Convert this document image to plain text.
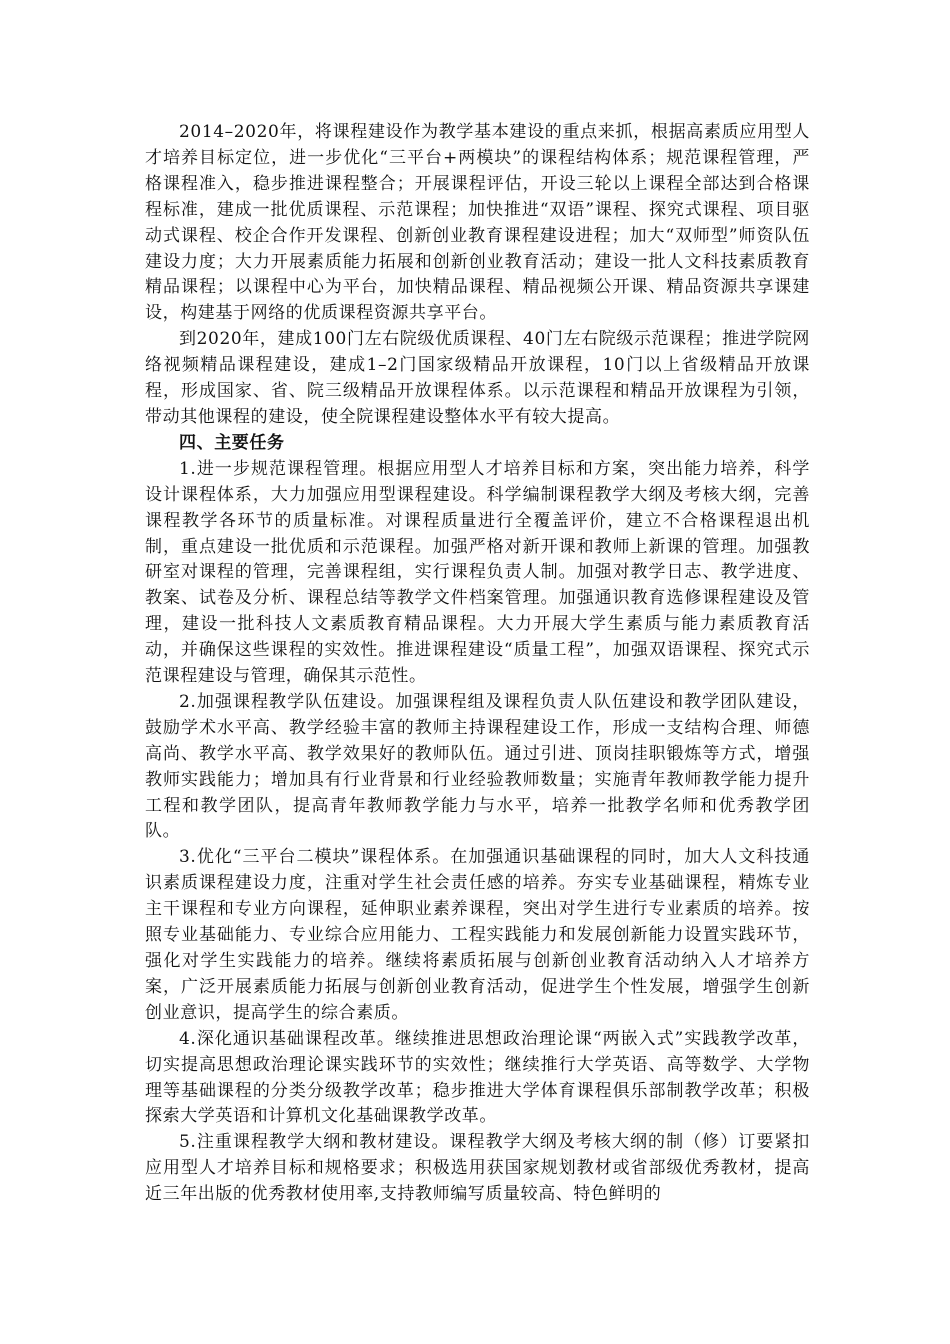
2014–2020年，将课程建设作为教学基本建设的重点来抓，根据高素质应用型人才培养目标定位，进一步优化“三平台+两模块”的课程结构体系；规范课程管理，严格课程准入，稳步推进课程整合；开展课程评估，开设三轮以上课程全部达到合格课程标准，建成一批优质课程、示范课程；加快推进“双语”课程、探究式课程、项目驱动式课程、校企合作开发课程、创新创业教育课程建设进程；加大“双师型”师资队伍建设力度；大力开展素质能力拓展和创新创业教育活动；建设一批人文科技素质教育精品课程；以课程中心为平台，加快精品课程、精品视频公开课、精品资源共享课建设，构建基于网络的优质课程资源共享平台。

到2020年，建成100门左右院级优质课程、40门左右院级示范课程；推进学院网络视频精品课程建设，建成1–2门国家级精品开放课程，10门以上省级精品开放课程，形成国家、省、院三级精品开放课程体系。以示范课程和精品开放课程为引领，带动其他课程的建设，使全院课程建设整体水平有较大提高。

四、主要任务

1.进一步规范课程管理。根据应用型人才培养目标和方案，突出能力培养，科学设计课程体系，大力加强应用型课程建设。科学编制课程教学大纲及考核大纲，完善课程教学各环节的质量标准。对课程质量进行全覆盖评价，建立不合格课程退出机制，重点建设一批优质和示范课程。加强严格对新开课和教师上新课的管理。加强教研室对课程的管理，完善课程组，实行课程负责人制。加强对教学日志、教学进度、教案、试卷及分析、课程总结等教学文件档案管理。加强通识教育选修课程建设及管理，建设一批科技人文素质教育精品课程。大力开展大学生素质与能力素质教育活动，并确保这些课程的实效性。推进课程建设“质量工程”，加强双语课程、探究式示范课程建设与管理，确保其示范性。

2.加强课程教学队伍建设。加强课程组及课程负责人队伍建设和教学团队建设，鼓励学术水平高、教学经验丰富的教师主持课程建设工作，形成一支结构合理、师德高尚、教学水平高、教学效果好的教师队伍。通过引进、顶岗挂职锻炼等方式，增强教师实践能力；增加具有行业背景和行业经验教师数量；实施青年教师教学能力提升工程和教学团队，提高青年教师教学能力与水平，培养一批教学名师和优秀教学团队。

3.优化“三平台二模块”课程体系。在加强通识基础课程的同时，加大人文科技通识素质课程建设力度，注重对学生社会责任感的培养。夯实专业基础课程，精炼专业主干课程和专业方向课程，延伸职业素养课程，突出对学生进行专业素质的培养。按照专业基础能力、专业综合应用能力、工程实践能力和发展创新能力设置实践环节，强化对学生实践能力的培养。继续将素质拓展与创新创业教育活动纳入人才培养方案，广泛开展素质能力拓展与创新创业教育活动，促进学生个性发展，增强学生创新创业意识，提高学生的综合素质。

4.深化通识基础课程改革。继续推进思想政治理论课“两嵌入式”实践教学改革，切实提高思想政治理论课实践环节的实效性；继续推行大学英语、高等数学、大学物理等基础课程的分类分级教学改革；稳步推进大学体育课程俱乐部制教学改革；积极探索大学英语和计算机文化基础课教学改革。

5.注重课程教学大纲和教材建设。课程教学大纲及考核大纲的制（修）订要紧扣应用型人才培养目标和规格要求；积极选用获国家规划教材或省部级优秀教材，提高近三年出版的优秀教材使用率,支持教师编写质量较高、特色鲜明的
